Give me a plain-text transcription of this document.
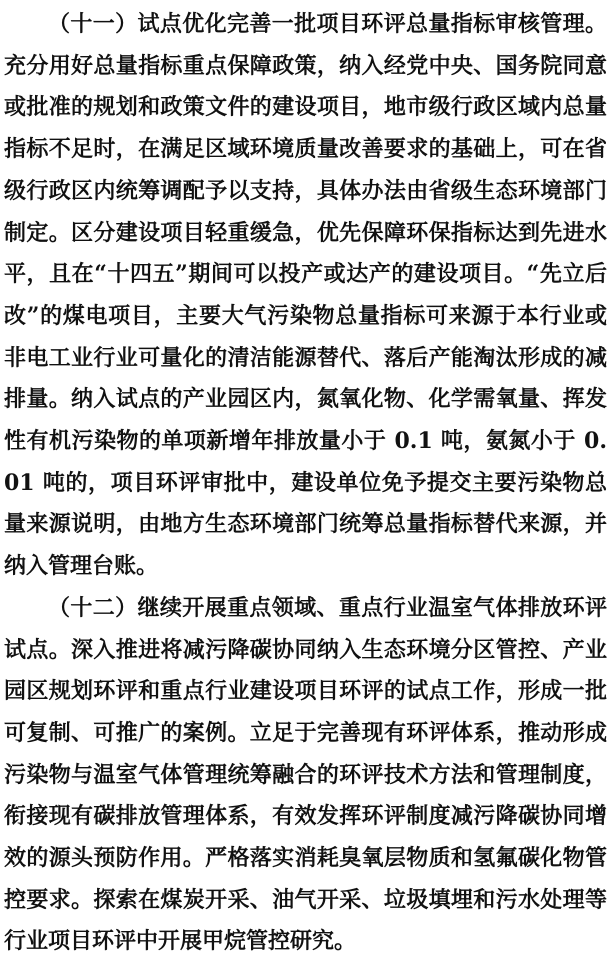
（十一）试点优化完善一批项目环评总量指标审核管理。充分用好总量指标重点保障政策，纳入经党中央、国务院同意或批准的规划和政策文件的建设项目，地市级行政区域内总量指标不足时，在满足区域环境质量改善要求的基础上，可在省级行政区内统筹调配予以支持，具体办法由省级生态环境部门制定。区分建设项目轻重缓急，优先保障环保指标达到先进水平，且在“十四五”期间可以投产或达产的建设项目。“先立后改”的煤电项目，主要大气污染物总量指标可来源于本行业或非电工业行业可量化的清洁能源替代、落后产能淘汰形成的减排量。纳入试点的产业园区内，氮氧化物、化学需氧量、挥发性有机污染物的单项新增年排放量小于 0.1 吨，氨氮小于 0.01 吨的，项目环评审批中，建设单位免予提交主要污染物总量来源说明，由地方生态环境部门统筹总量指标替代来源，并纳入管理台账。

（十二）继续开展重点领域、重点行业温室气体排放环评试点。深入推进将减污降碳协同纳入生态环境分区管控、产业园区规划环评和重点行业建设项目环评的试点工作，形成一批可复制、可推广的案例。立足于完善现有环评体系，推动形成污染物与温室气体管理统筹融合的环评技术方法和管理制度，衔接现有碳排放管理体系，有效发挥环评制度减污降碳协同增效的源头预防作用。严格落实消耗臭氧层物质和氢氟碳化物管控要求。探索在煤炭开采、油气开采、垃圾填埋和污水处理等行业项目环评中开展甲烷管控研究。
